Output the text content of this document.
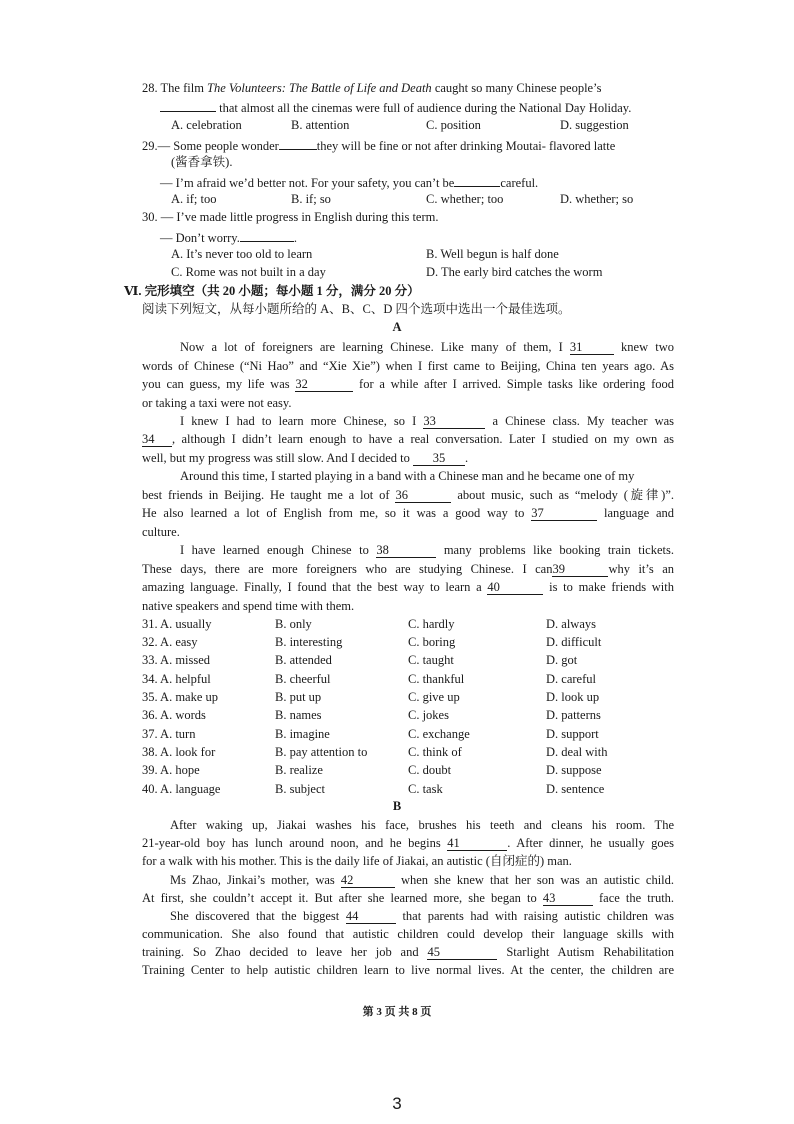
28. The film The Volunteers: The Battle of Life and Death caught so many Chinese people’s
that almost all the cinemas were full of audience during the National Day Holiday.
A. celebration	B. attention	C. position	D. suggestion
29.— Some people wonder	they will be fine or not after drinking Moutai- flavored latte
(酱香拿铁).
— I’m afraid we’d better not. For your safety, you can’t be	careful.
A. if; too	B. if; so	C. whether; too	D. whether; so
30. — I’ve made little progress in English during this term.
— Don’t worry.	.
A. It’s never too old to learn	B. Well begun is half done
C. Rome was not built in a day	D. The early bird catches the worm
Ⅵ. 完形填空（共 20 小题；每小题 1 分，满分 20 分）
阅读下列短文，从每小题所给的 A、B、C、D 四个选项中选出一个最佳选项。
A
Now a lot of foreigners are learning Chinese. Like many of them, I 31	knew two
words of Chinese (“Ni Hao” and “Xie Xie”) when I first came to Beijing, China ten years ago. As
you can guess, my life was 32	for a while after I arrived. Simple tasks like ordering food
or taking a taxi were not easy.
I knew I had to learn more Chinese, so I 33	a Chinese class. My teacher was
34 , although I didn’t learn enough to have a real conversation. Later I studied on my own as
well, but my progress was still slow. And I decided to 35 .
Around this time, I started playing in a band with a Chinese man and he became one of my
best friends in Beijing. He taught me a lot of 36	about music, such as “melody (旋律)”.
He also learned a lot of English from me, so it was a good way to 37	language and
culture.
I have learned enough Chinese to 38	many problems like booking train tickets.
These days, there are more foreigners who are studying Chinese. I can39	why it’s an
amazing language. Finally, I found that the best way to learn a 40	is to make friends with
native speakers and spend time with them.
31. A. usually	B. only	C. hardly	D. always
32. A. easy	B. interesting	C. boring	D. difficult
33. A. missed	B. attended	C. taught	D. got
34. A. helpful	B. cheerful	C. thankful	D. careful
35. A. make up	B. put up	C. give up	D. look up
36. A. words	B. names	C. jokes	D. patterns
37. A. turn	B. imagine	C. exchange	D. support
38. A. look for	B. pay attention to	C. think of	D. deal with
39. A. hope	B. realize	C. doubt	D. suppose
40. A. language	B. subject	C. task	D. sentence
B
After waking up, Jiakai washes his face, brushes his teeth and cleans his room. The
21-year-old boy has lunch around noon, and he begins 41	. After dinner, he usually goes
for a walk with his mother. This is the daily life of Jiakai, an autistic (自闭症的) man.
Ms Zhao, Jinkai’s mother, was 42	when she knew that her son was an autistic child.
At first, she couldn’t accept it. But after she learned more, she began to 43	face the truth.
She discovered that the biggest 44	that parents had with raising autistic children was
communication. She also found that autistic children could develop their language skills with
training. So Zhao decided to leave her job and 45	Starlight Autism Rehabilitation
Training Center to help autistic children learn to live normal lives. At the center, the children are
第 3 页 共 8 页
3
